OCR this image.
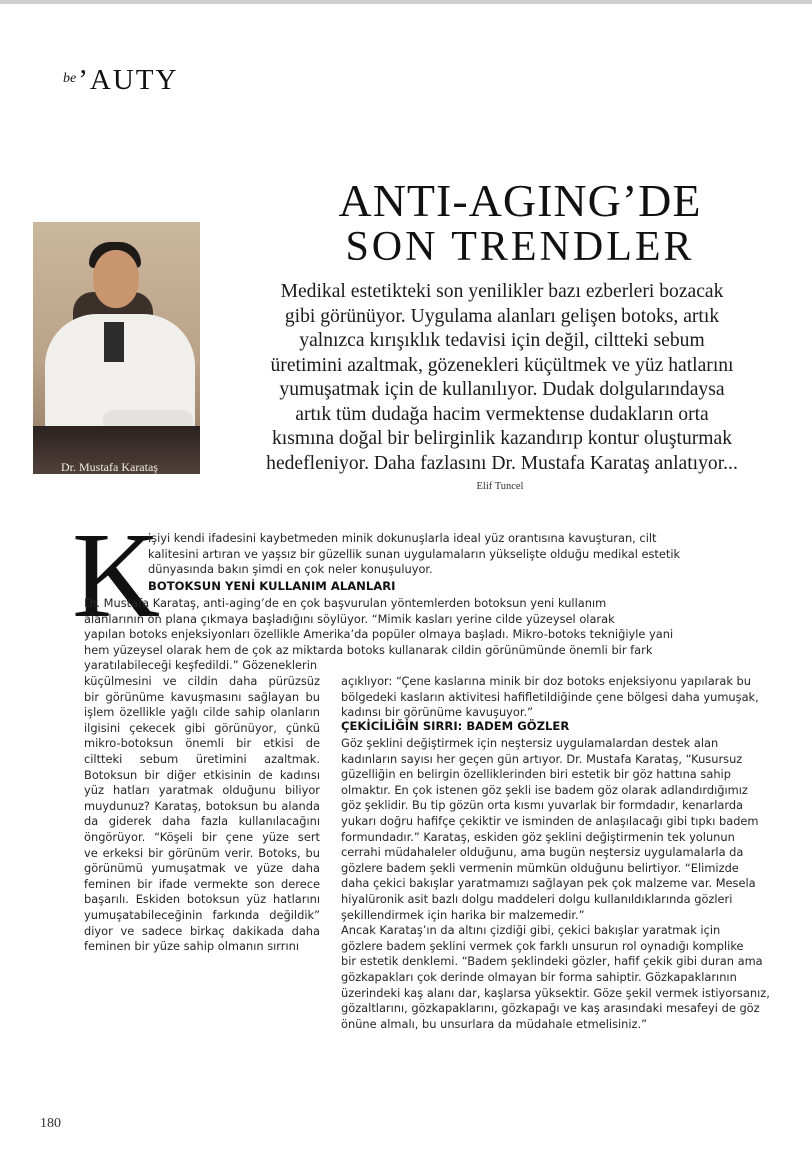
$^{be}$’AUTY
ANTI-AGING’DE
SON TRENDLER
Dr. Mustafa Karataş
Medikal estetikteki son yenilikler bazı ezberleri bozacak
gibi görünüyor. Uygulama alanları gelişen botoks, artık
yalnızca kırışıklık tedavisi için değil, ciltteki sebum
üretimini azaltmak, gözenekleri küçültmek ve yüz hatlarını
yumuşatmak için de kullanılıyor. Dudak dolgularındaysa
artık tüm dudağa hacim vermektense dudakların orta
kısmına doğal bir belirginlik kazandırıp kontur oluşturmak
hedefleniyor. Daha fazlasını Dr. Mustafa Karataş anlatıyor...
Elif Tuncel
K
işiyi kendi ifadesini kaybetmeden minik dokunuşlarla ideal yüz orantısına kavuşturan, cilt
kalitesini artıran ve yaşsız bir güzellik sunan uygulamaların yükselişte olduğu medikal estetik
dünyasında bakın şimdi en çok neler konuşuluyor.
BOTOKSUN YENİ KULLANIM ALANLARI
Dr. Mustafa Karataş, anti-aging’de en çok başvurulan yöntemlerden botoksun yeni kullanım
alanlarının ön plana çıkmaya başladığını söylüyor. “Mimik kasları yerine cilde yüzeysel olarak
yapılan botoks enjeksiyonları özellikle Amerika’da popüler olmaya başladı. Mikro-botoks tekniğiyle yani
hem yüzeysel olarak hem de çok az miktarda botoks kullanarak cildin görünümünde önemli bir fark
yaratılabileceği keşfedildi.” Gözeneklerin
küçülmesini ve cildin daha pürüzsüz
bir görünüme kavuşmasını sağlayan bu
işlem özellikle yağlı cilde sahip olanların
ilgisini çekecek gibi görünüyor, çünkü
mikro-botoksun önemli bir etkisi de
ciltteki sebum üretimini azaltmak.
Botoksun bir diğer etkisinin de kadınsı
yüz hatları yaratmak olduğunu biliyor
muydunuz? Karataş, botoksun bu alanda
da giderek daha fazla kullanılacağını
öngörüyor. “Köşeli bir çene yüze sert
ve erkeksi bir görünüm verir. Botoks, bu
görünümü yumuşatmak ve yüze daha
feminen bir ifade vermekte son derece
başarılı. Eskiden botoksun yüz hatlarını
yumuşatabileceğinin farkında değildik”
diyor ve sadece birkaç dakikada daha
feminen bir yüze sahip olmanın sırrını
açıklıyor: “Çene kaslarına minik bir doz botoks enjeksiyonu yapılarak bu
bölgedeki kasların aktivitesi hafifletildiğinde çene bölgesi daha yumuşak,
kadınsı bir görünüme kavuşuyor.”
ÇEKİCİLİĞİN SIRRI: BADEM GÖZLER
Göz şeklini değiştirmek için neştersiz uygulamalardan destek alan
kadınların sayısı her geçen gün artıyor. Dr. Mustafa Karataş, “Kusursuz
güzelliğin en belirgin özelliklerinden biri estetik bir göz hattına sahip
olmaktır. En çok istenen göz şekli ise badem göz olarak adlandırdığımız
göz şeklidir. Bu tip gözün orta kısmı yuvarlak bir formdadır, kenarlarda
yukarı doğru hafifçe çekiktir ve isminden de anlaşılacağı gibi tıpkı badem
formundadır.” Karataş, eskiden göz şeklini değiştirmenin tek yolunun
cerrahi müdahaleler olduğunu, ama bugün neştersiz uygulamalarla da
gözlere badem şekli vermenin mümkün olduğunu belirtiyor. “Elimizde
daha çekici bakışlar yaratmamızı sağlayan pek çok malzeme var. Mesela
hiyalüronik asit bazlı dolgu maddeleri dolgu kullanıldıklarında gözleri
şekillendirmek için harika bir malzemedir.”
Ancak Karataş’ın da altını çizdiği gibi, çekici bakışlar yaratmak için
gözlere badem şeklini vermek çok farklı unsurun rol oynadığı komplike
bir estetik denklemi. “Badem şeklindeki gözler, hafif çekik gibi duran ama
gözkapakları çok derinde olmayan bir forma sahiptir. Gözkapaklarının
üzerindeki kaş alanı dar, kaşlarsa yüksektir. Göze şekil vermek istiyorsanız,
gözaltlarını, gözkapaklarını, gözkapağı ve kaş arasındaki mesafeyi de göz
önüne almalı, bu unsurlara da müdahale etmelisiniz.”
180
